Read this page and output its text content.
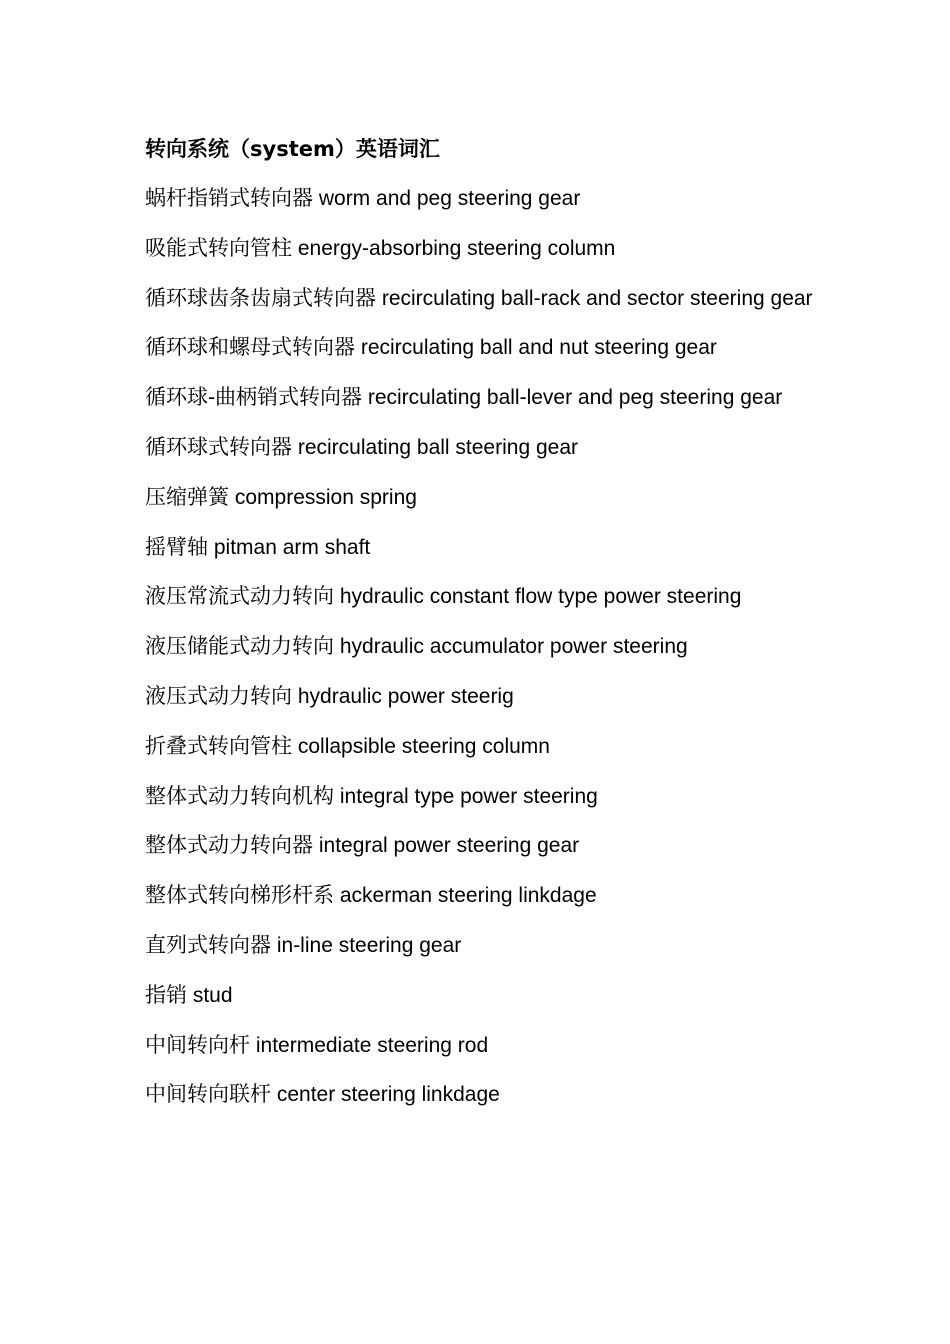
转向系统（system）英语词汇

蜗杆指销式转向器 worm and peg steering gear

吸能式转向管柱 energy-absorbing steering column

循环球齿条齿扇式转向器 recirculating ball-rack and sector steering gear

循环球和螺母式转向器 recirculating ball and nut steering gear

循环球-曲柄销式转向器 recirculating ball-lever and peg steering gear

循环球式转向器 recirculating ball steering gear

压缩弹簧 compression spring

摇臂轴 pitman arm shaft

液压常流式动力转向 hydraulic constant flow type power steering

液压储能式动力转向 hydraulic accumulator power steering

液压式动力转向 hydraulic power steerig

折叠式转向管柱 collapsible steering column

整体式动力转向机构 integral type power steering

整体式动力转向器 integral power steering gear

整体式转向梯形杆系 ackerman steering linkdage

直列式转向器 in-line steering gear

指销 stud

中间转向杆 intermediate steering rod

中间转向联杆 center steering linkdage
